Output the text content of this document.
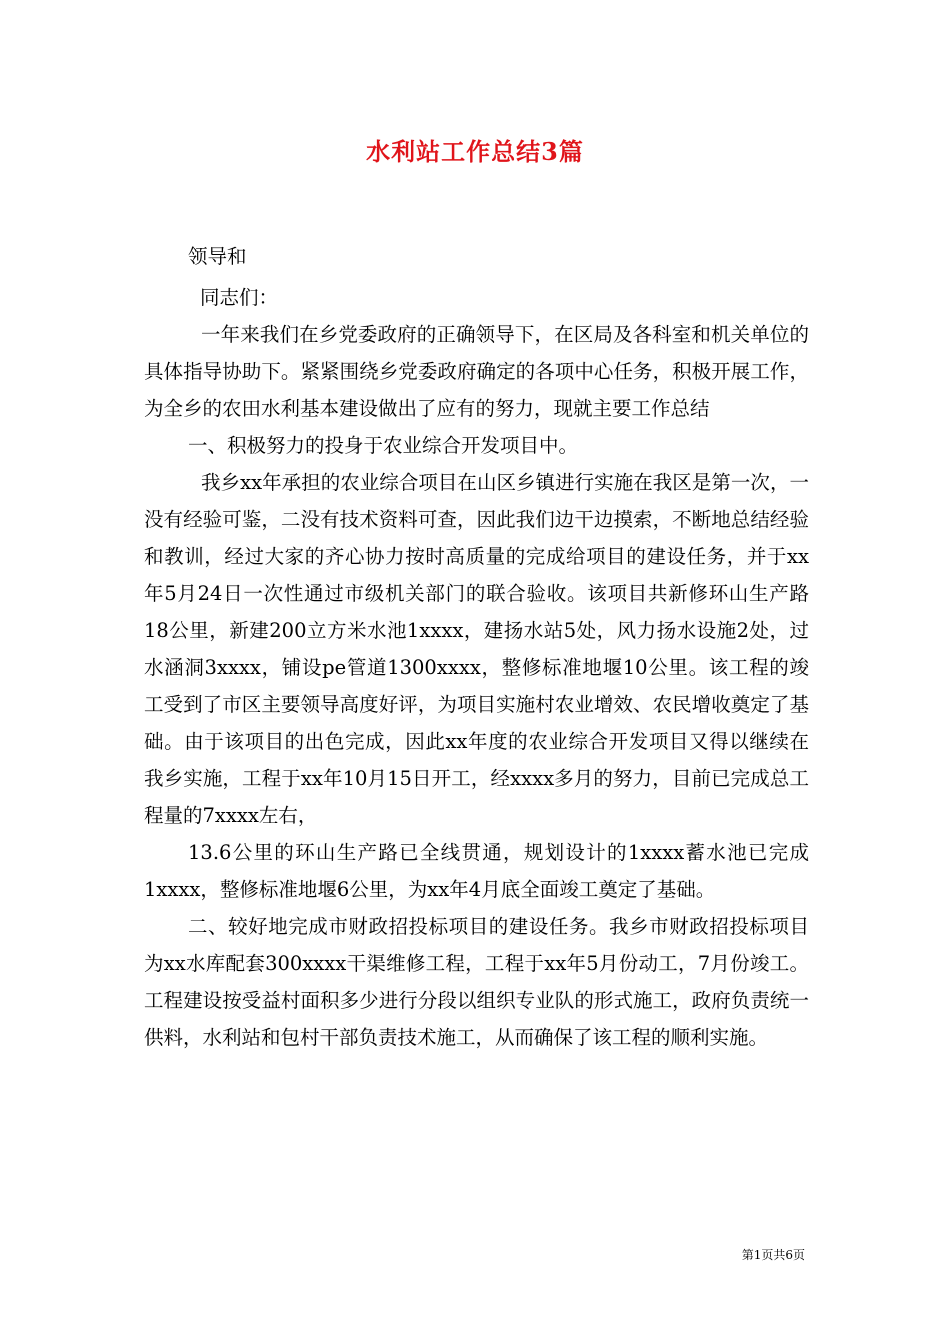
水利站工作总结3篇

领导和

同志们：

一年来我们在乡党委政府的正确领导下，在区局及各科室和机关单位的具体指导协助下。紧紧围绕乡党委政府确定的各项中心任务，积极开展工作，为全乡的农田水利基本建设做出了应有的努力，现就主要工作总结

一、积极努力的投身于农业综合开发项目中。

我乡xx年承担的农业综合项目在山区乡镇进行实施在我区是第一次，一没有经验可鉴，二没有技术资料可查，因此我们边干边摸索，不断地总结经验和教训，经过大家的齐心协力按时高质量的完成给项目的建设任务，并于xx年5月24日一次性通过市级机关部门的联合验收。该项目共新修环山生产路18公里，新建200立方米水池1xxxx，建扬水站5处，风力扬水设施2处，过水涵洞3xxxx，铺设pe管道1300xxxx，整修标准地堰10公里。该工程的竣工受到了市区主要领导高度好评，为项目实施村农业增效、农民增收奠定了基础。由于该项目的出色完成，因此xx年度的农业综合开发项目又得以继续在我乡实施，工程于xx年10月15日开工，经xxxx多月的努力，目前已完成总工程量的7xxxx左右，

13.6公里的环山生产路已全线贯通，规划设计的1xxxx蓄水池已完成1xxxx，整修标准地堰6公里，为xx年4月底全面竣工奠定了基础。

二、较好地完成市财政招投标项目的建设任务。我乡市财政招投标项目为xx水库配套300xxxx干渠维修工程，工程于xx年5月份动工，7月份竣工。工程建设按受益村面积多少进行分段以组织专业队的形式施工，政府负责统一供料，水利站和包村干部负责技术施工，从而确保了该工程的顺利实施。

第1页共6页
